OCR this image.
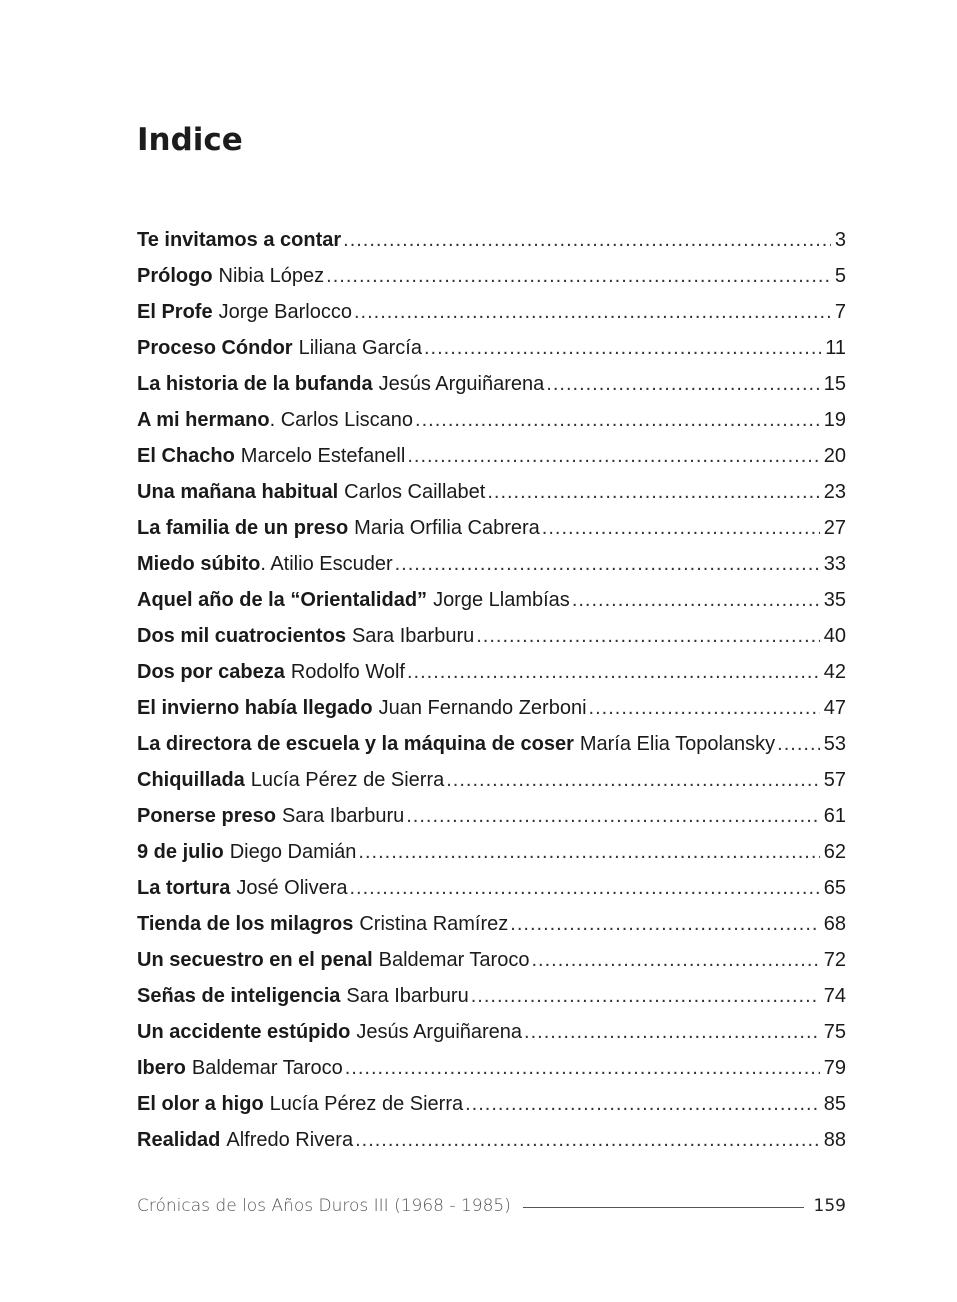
Indice
Te invitamos a contar .....	3
Prólogo Nibia López .....	5
El Profe Jorge Barlocco .....	7
Proceso Cóndor Liliana García .....	11
La historia de la bufanda Jesús Arguiñarena .....	15
A mi hermano . Carlos Liscano .....	19
El Chacho Marcelo Estefanell .....	20
Una mañana habitual Carlos Caillabet .....	23
La familia de un preso Maria Orfilia Cabrera .....	27
Miedo súbito . Atilio Escuder .....	33
Aquel año de la “Orientalidad” Jorge Llambías .....	35
Dos mil cuatrocientos Sara Ibarburu .....	40
Dos por cabeza Rodolfo Wolf .....	42
El invierno había llegado Juan Fernando Zerboni .....	47
La directora de escuela y la máquina de coser María Elia Topolansky ..... 53
Chiquillada Lucía Pérez de Sierra .....	57
Ponerse preso Sara Ibarburu .....	61
9 de julio Diego Damián .....	62
La tortura José Olivera .....	65
Tienda de los milagros Cristina Ramírez .....	68
Un secuestro en el penal Baldemar Taroco .....	72
Señas de inteligencia Sara Ibarburu .....	74
Un accidente estúpido Jesús Arguiñarena .....	75
Ibero Baldemar Taroco .....	79
El olor a higo Lucía Pérez de Sierra .....	85
Realidad Alfredo Rivera .....	88
Crónicas de los Años Duros III (1968 - 1985)	159
